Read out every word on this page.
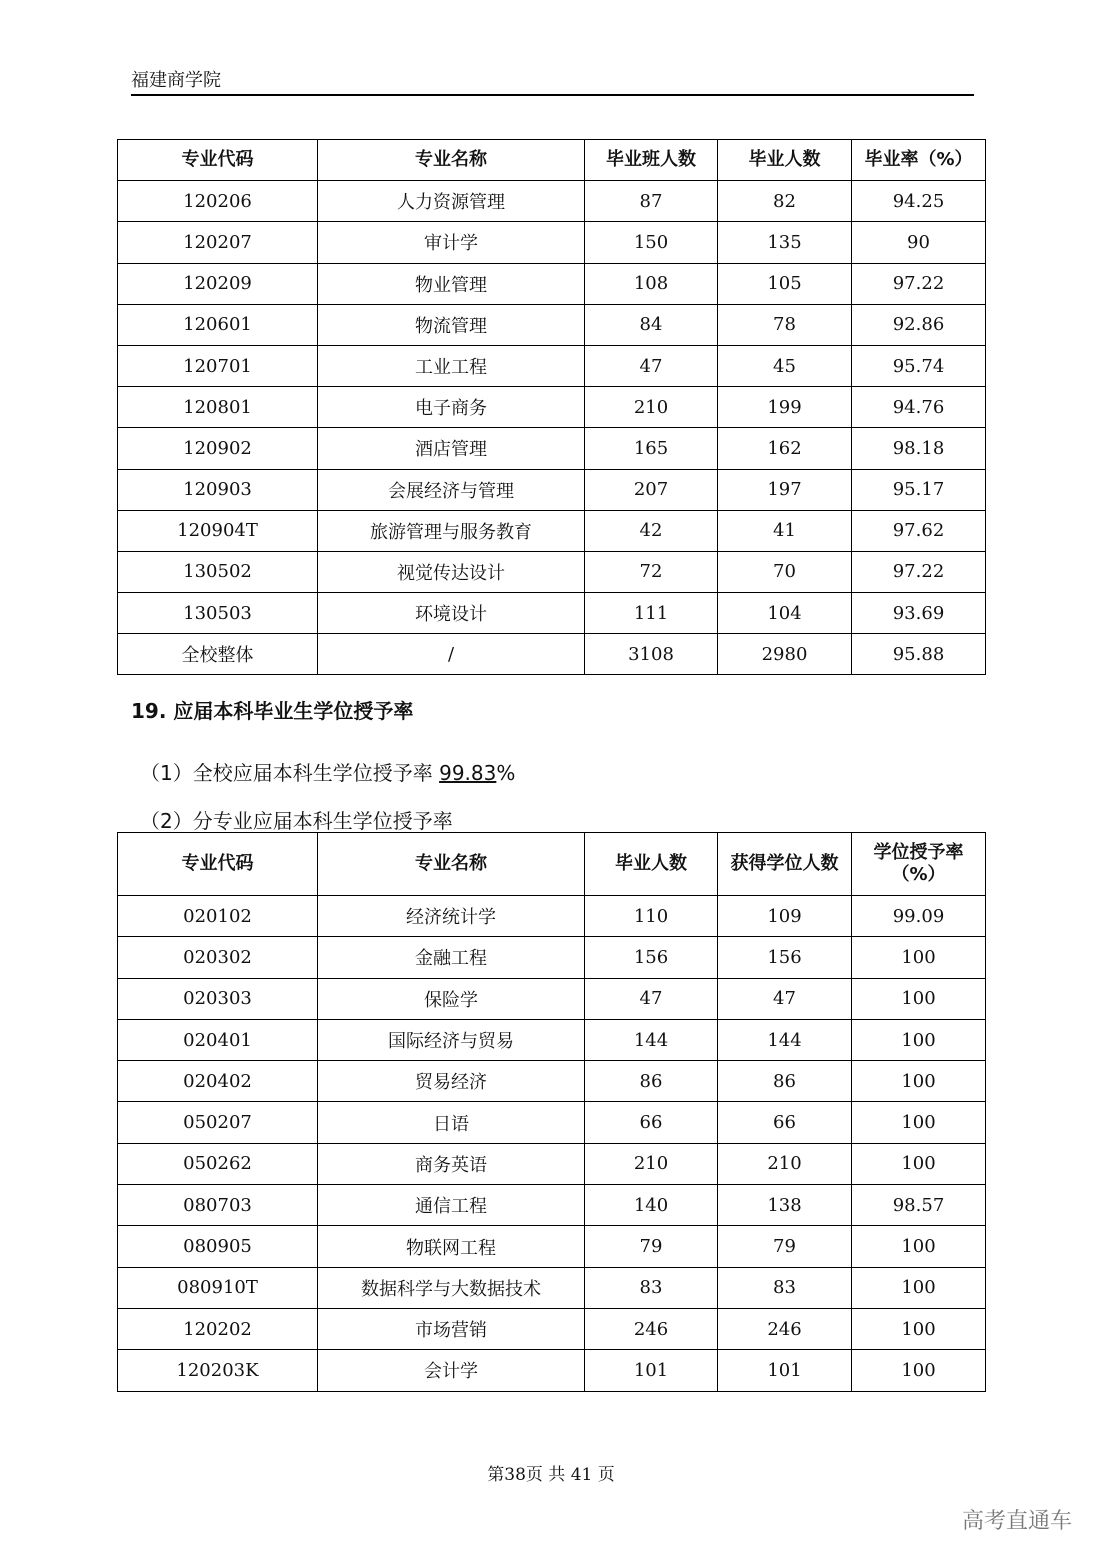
福建商学院
专业代码	专业名称	毕业班人数	毕业人数	毕业率（%）
120206	人力资源管理	87	82	94.25
120207	审计学	150	135	90
120209	物业管理	108	105	97.22
120601	物流管理	84	78	92.86
120701	工业工程	47	45	95.74
120801	电子商务	210	199	94.76
120902	酒店管理	165	162	98.18
120903	会展经济与管理	207	197	95.17
120904T	旅游管理与服务教育	42	41	97.62
130502	视觉传达设计	72	70	97.22
130503	环境设计	111	104	93.69
全校整体	/	3108	2980	95.88
19. 应届本科毕业生学位授予率
（1）全校应届本科生学位授予率 99.83%
（2）分专业应届本科生学位授予率
专业代码	专业名称	毕业人数	获得学位人数	学位授予率（%）
020102	经济统计学	110	109	99.09
020302	金融工程	156	156	100
020303	保险学	47	47	100
020401	国际经济与贸易	144	144	100
020402	贸易经济	86	86	100
050207	日语	66	66	100
050262	商务英语	210	210	100
080703	通信工程	140	138	98.57
080905	物联网工程	79	79	100
080910T	数据科学与大数据技术	83	83	100
120202	市场营销	246	246	100
120203K	会计学	101	101	100
第38页 共 41 页
高考直通车
